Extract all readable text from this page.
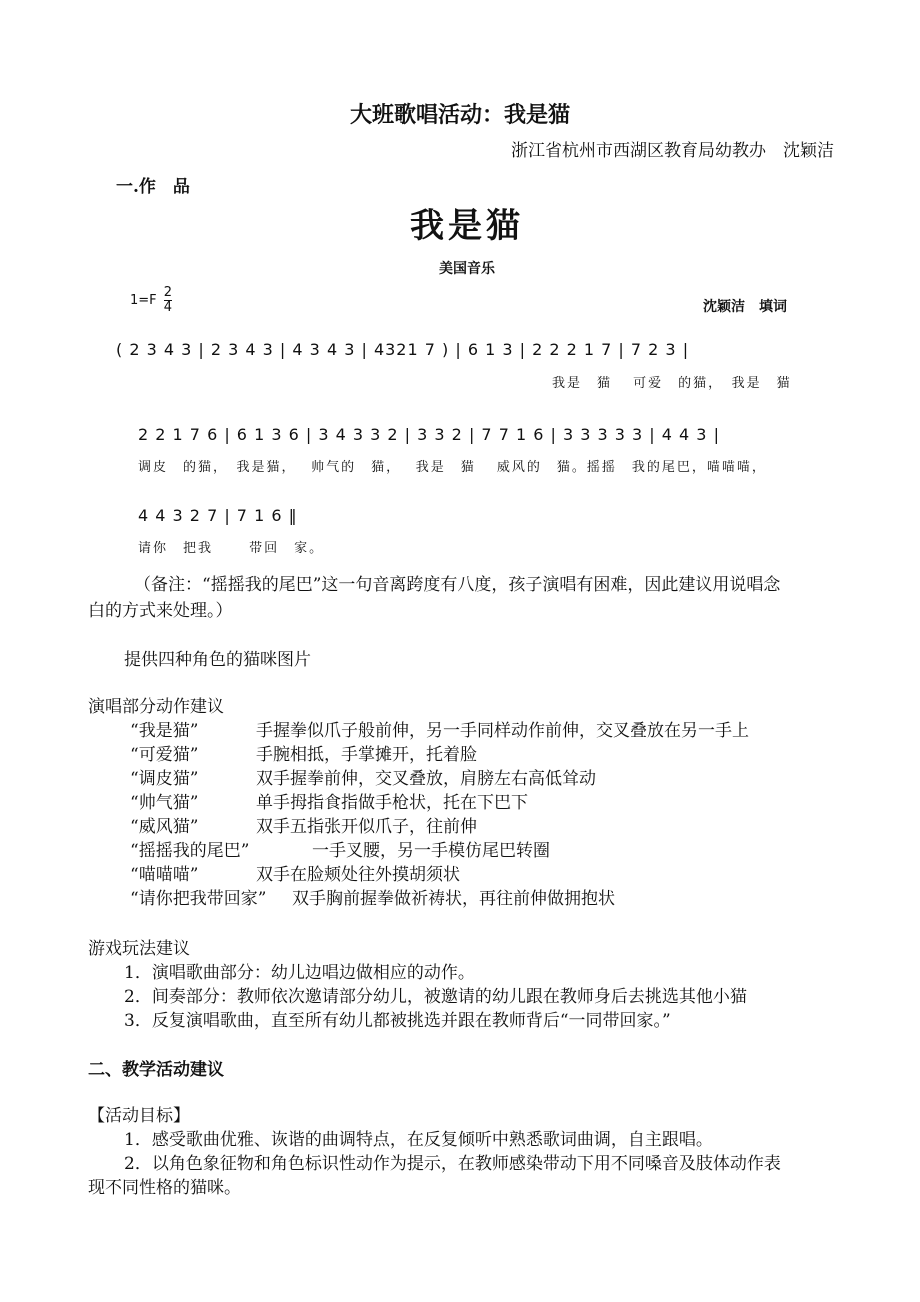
大班歌唱活动：我是猫
浙江省杭州市西湖区教育局幼教办　沈颖洁
一.作　品
我是猫
美国音乐
$1=F \frac{2}{4}$	沈颖洁　填词
( 2 3 4 3 | 2 3 4 3 | 4 3 4 3 | 4321 7 ) | 6 1 3 | 2 2 2 1 7 | 7 2 3 |
我是　猫　 可爱　的猫，　我是　猫
2 2 1 7 6 | 6 1 3 6 | 3 4 3 3 2 | 3 3 2 | 7 7 1 6 | 3 3 3 3 3 | 4 4 3 |
调皮　的猫，　我是猫，　 帅气的　猫，　 我是　猫　 威风的　猫。摇摇　我的尾巴，喵喵喵，
4 4 3 2 7 | 7 1 6 ‖
请你　把我　　 带回　家。
（备注：“摇摇我的尾巴”这一句音离跨度有八度，孩子演唱有困难，因此建议用说唱念
白的方式来处理。）
提供四种角色的猫咪图片
演唱部分动作建议
“我是猫”	手握拳似爪子般前伸，另一手同样动作前伸，交叉叠放在另一手上
“可爱猫”	手腕相抵，手掌摊开，托着脸
“调皮猫”	双手握拳前伸，交叉叠放，肩膀左右高低耸动
“帅气猫”	单手拇指食指做手枪状，托在下巴下
“威风猫”	双手五指张开似爪子，往前伸
“摇摇我的尾巴”	一手叉腰，另一手模仿尾巴转圈
“喵喵喵”	双手在脸颊处往外摸胡须状
“请你把我带回家” 双手胸前握拳做祈祷状，再往前伸做拥抱状
游戏玩法建议
1．演唱歌曲部分：幼儿边唱边做相应的动作。
2．间奏部分：教师依次邀请部分幼儿，被邀请的幼儿跟在教师身后去挑选其他小猫
3．反复演唱歌曲，直至所有幼儿都被挑选并跟在教师背后“一同带回家。”
二、教学活动建议
【活动目标】
1．感受歌曲优雅、诙谐的曲调特点，在反复倾听中熟悉歌词曲调，自主跟唱。
2．以角色象征物和角色标识性动作为提示，在教师感染带动下用不同嗓音及肢体动作表
现不同性格的猫咪。
